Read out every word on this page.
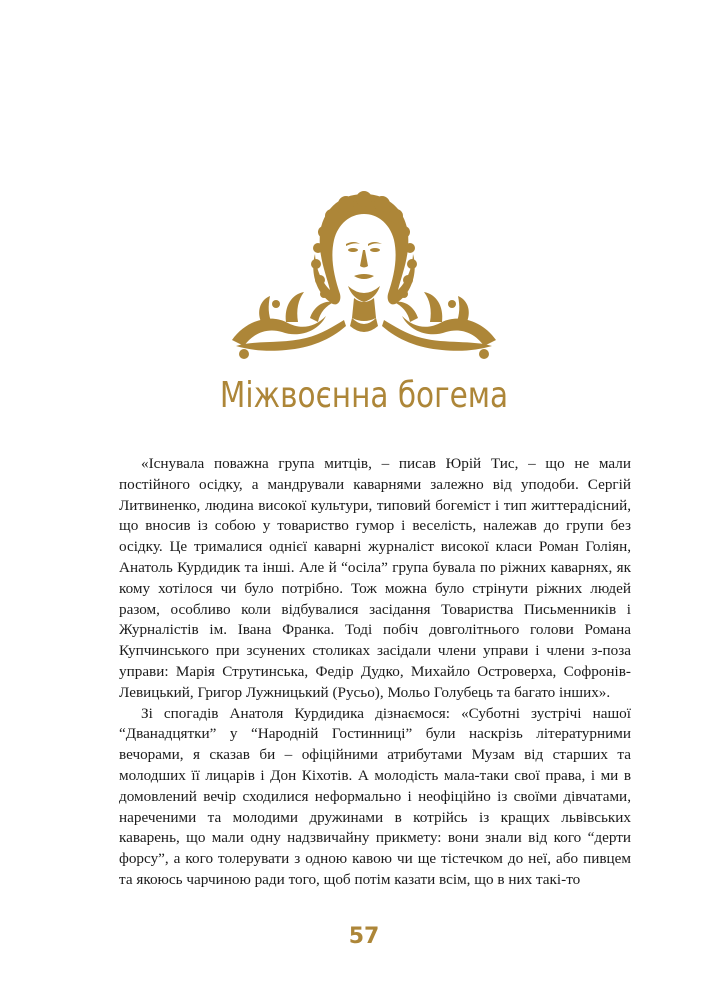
Міжвоєнна богема

«Існувала поважна група митців, – писав Юрій Тис, – що не мали постійного осідку, а мандрували каварнями залежно від уподоби. Сергій Литвиненко, людина високої культури, типовий богеміст і тип життерадісний, що вносив із собою у товариство гумор і веселість, належав до групи без осідку. Це трималися однієї каварні журналіст високої класи Роман Голіян, Анатоль Курдидик та інші. Але й “осіла” група бувала по ріжних каварнях, як кому хотілося чи було потрібно. Тож можна було стрінути ріжних людей разом, особливо коли відбувалися засідання Товариства Письменників і Журналістів ім. Івана Франка. Тоді побіч довголітнього голови Романа Купчинського при зсунених столиках засідали члени управи і члени з-поза управи: Марія Струтинська, Федір Дудко, Михайло Островерха, Софронів-Левицький, Григор Лужницький (Русьо), Мольо Голубець та багато інших».

Зі спогадів Анатоля Курдидика дізнаємося: «Суботні зустрічі нашої “Дванадцятки” у “Народній Гостинниці” були наскрізь літературними вечорами, я сказав би – офіційними атрибутами Музам від старших та молодших її лицарів і Дон Кіхотів. А молодість мала-таки свої права, і ми в домовлений вечір сходилися неформально і неофіційно із своїми дівчатами, нареченими та молодими дружинами в котрійсь із кращих львівських каварень, що мали одну надзвичайну прикмету: вони знали від кого “дерти форсу”, а кого толерувати з одною кавою чи ще тістечком до неї, або пивцем та якоюсь чарчиною ради того, щоб потім казати всім, що в них такі-то

57
